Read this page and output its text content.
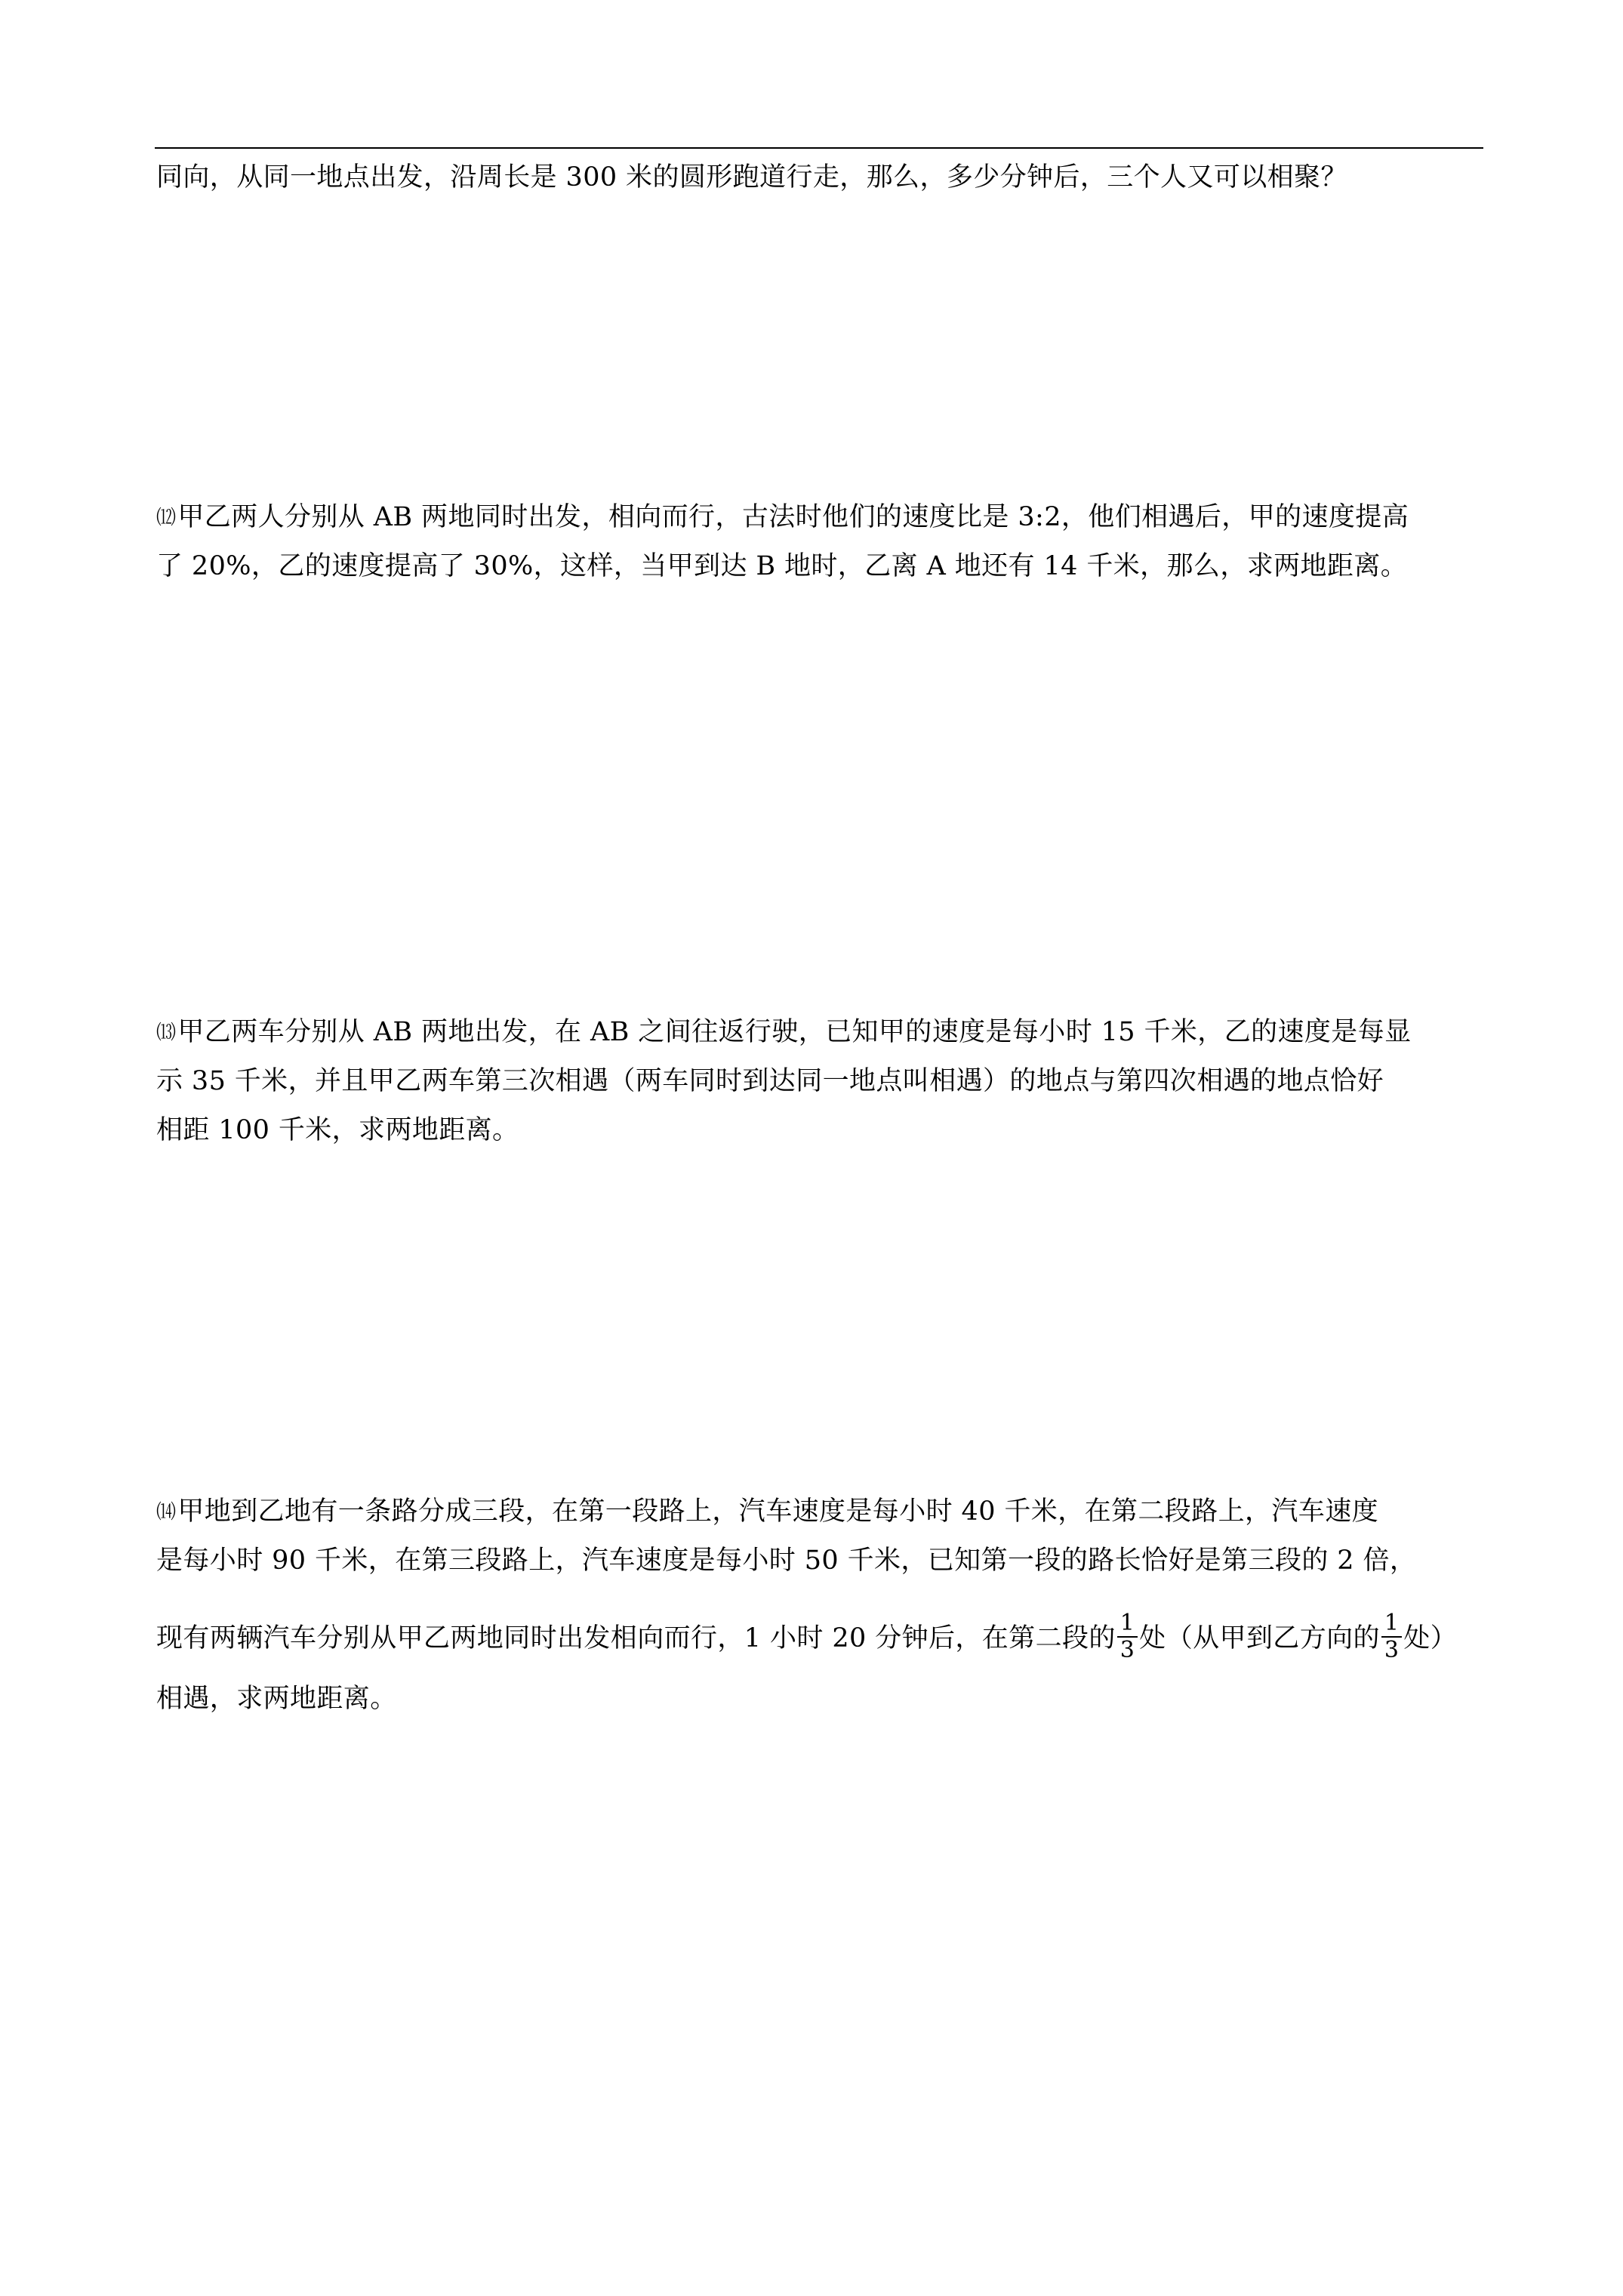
同向，从同一地点出发，沿周长是 300 米的圆形跑道行走，那么，多少分钟后，三个人又可以相聚？
⑿甲乙两人分别从 AB 两地同时出发，相向而行，古法时他们的速度比是 3:2，他们相遇后，甲的速度提高
了 20%，乙的速度提高了 30%，这样，当甲到达 B 地时，乙离 A 地还有 14 千米，那么，求两地距离。
⒀甲乙两车分别从 AB 两地出发，在 AB 之间往返行驶，已知甲的速度是每小时 15 千米，乙的速度是每显
示 35 千米，并且甲乙两车第三次相遇（两车同时到达同一地点叫相遇）的地点与第四次相遇的地点恰好
相距 100 千米，求两地距离。
⒁甲地到乙地有一条路分成三段，在第一段路上，汽车速度是每小时 40 千米，在第二段路上，汽车速度
是每小时 90 千米，在第三段路上，汽车速度是每小时 50 千米，已知第一段的路长恰好是第三段的 2 倍，
现有两辆汽车分别从甲乙两地同时出发相向而行，1 小时 20 分钟后，在第二段的 $\frac{1}{3}$ 处（从甲到乙方向的 $\frac{1}{3}$ 处）
相遇，求两地距离。
